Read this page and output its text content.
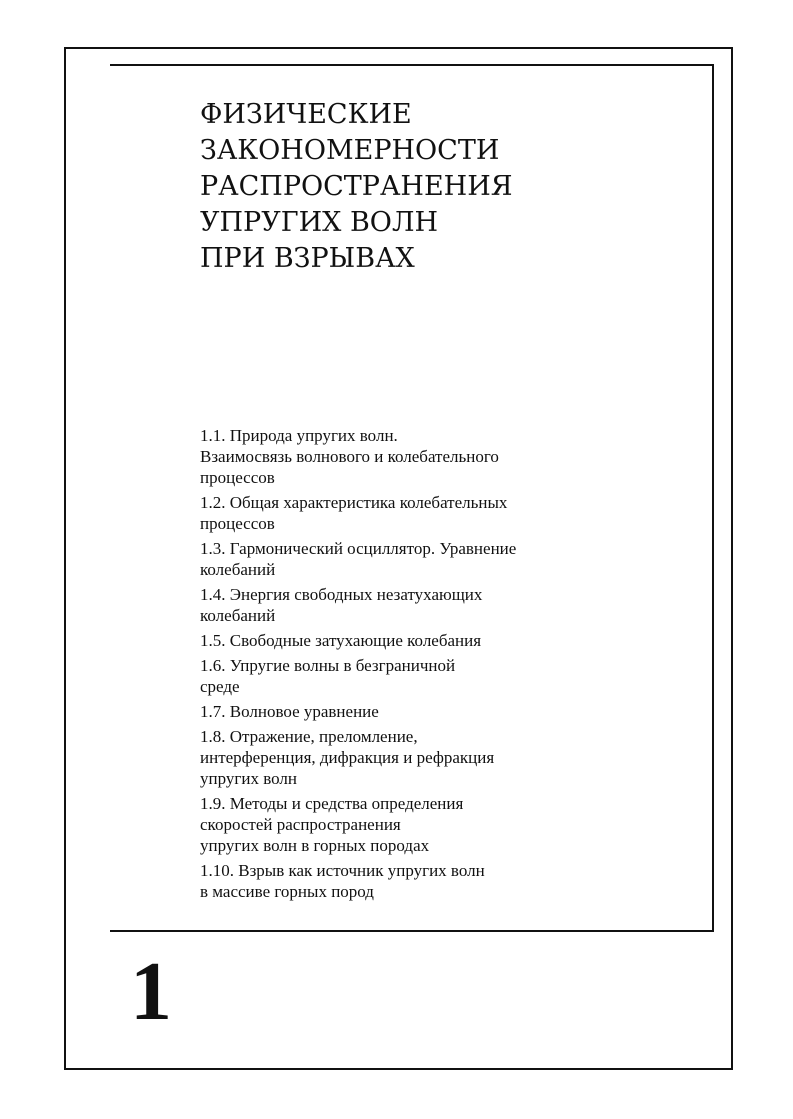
ФИЗИЧЕСКИЕ
ЗАКОНОМЕРНОСТИ
РАСПРОСТРАНЕНИЯ
УПРУГИХ ВОЛН
ПРИ ВЗРЫВАХ
1.1. Природа упругих волн.
Взаимосвязь волнового и колебательного
процессов
1.2. Общая характеристика колебательных
процессов
1.3. Гармонический осциллятор. Уравнение
колебаний
1.4. Энергия свободных незатухающих
колебаний
1.5. Свободные затухающие колебания
1.6. Упругие волны в безграничной
среде
1.7. Волновое уравнение
1.8. Отражение, преломление,
интерференция, дифракция и рефракция
упругих волн
1.9. Методы и средства определения
скоростей распространения
упругих волн в горных породах
1.10. Взрыв как источник упругих волн
в массиве горных пород
1
